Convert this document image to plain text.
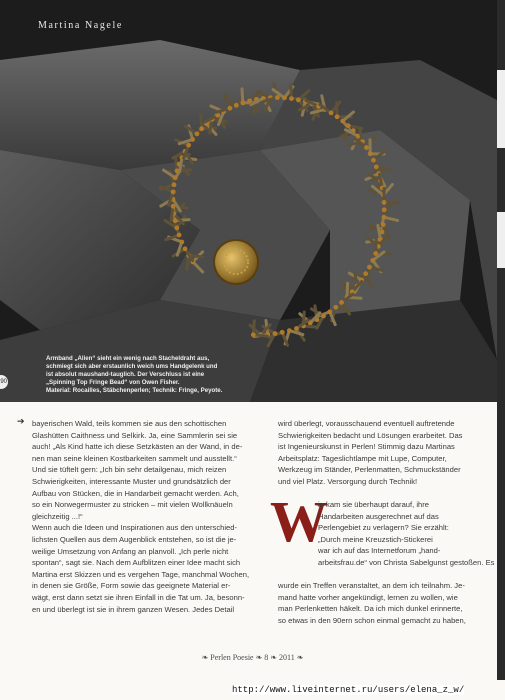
Martina Nagele
Armband „Alien“ sieht ein wenig nach Stacheldraht aus,
schmiegt sich aber erstaunlich weich ums Handgelenk und
ist absolut maushand-tauglich. Der Verschluss ist eine
„Spinning Top Fringe Bead“ von Owen Fisher.
Material: Rocailles, Stäbchenperlen; Technik: Fringe, Peyote.
90
➔ bayerischen Wald, teils kommen sie aus den schottischen
Glashütten Caithness und Selkirk. Ja, eine Sammlerin sei sie
auch! „Als Kind hatte ich diese Setzkästen an der Wand, in de-
nen man seine kleinen Kostbarkeiten sammelt und ausstellt.“
Und sie tüftelt gern: „Ich bin sehr detailgenau, mich reizen
Schwierigkeiten, interessante Muster und grundsätzlich der
Aufbau von Stücken, die in Handarbeit gemacht werden. Ach,
so ein Norwegermuster zu stricken – mit vielen Wollknäueln
gleichzeitig ...!“
Wenn auch die Ideen und Inspirationen aus den unterschied-
lichsten Quellen aus dem Augenblick entstehen, so ist die je-
weilige Umsetzung von Anfang an planvoll. „Ich perle nicht
spontan“, sagt sie. Nach dem Aufblitzen einer Idee macht sich
Martina erst Skizzen und es vergehen Tage, manchmal Wochen,
in denen sie Größe, Form sowie das geeignete Material er-
wägt, erst dann setzt sie ihren Einfall in die Tat um. Ja, besonn-
en und überlegt ist sie in ihrem ganzen Wesen. Jedes Detail
wird überlegt, vorausschauend eventuell auftretende
Schwierigkeiten bedacht und Lösungen erarbeitet. Das
ist Ingenieurskunst in Perlen! Stimmig dazu Martinas
Arbeitsplatz: Tageslichtlampe mit Lupe, Computer,
Werkzeug im Ständer, Perlenmatten, Schmuckständer
und viel Platz. Versorgung durch Technik!
W
ie kam sie überhaupt darauf, ihre
Handarbeiten ausgerechnet auf das
Perlengebiet zu verlagern? Sie erzählt:
„Durch meine Kreuzstich-Stickerei
war ich auf das Internetforum „hand-
arbeitsfrau.de“ von Christa Sabelgunst gestoßen. Es
wurde ein Treffen veranstaltet, an dem ich teilnahm. Je-
mand hatte vorher angekündigt, lernen zu wollen, wie
man Perlenketten häkelt. Da ich mich dunkel erinnerte,
so etwas in den 90ern schon einmal gemacht zu haben,
❧ Perlen Poesie ❧ 8 ❧ 2011 ❧
http://www.liveinternet.ru/users/elena_z_w/
